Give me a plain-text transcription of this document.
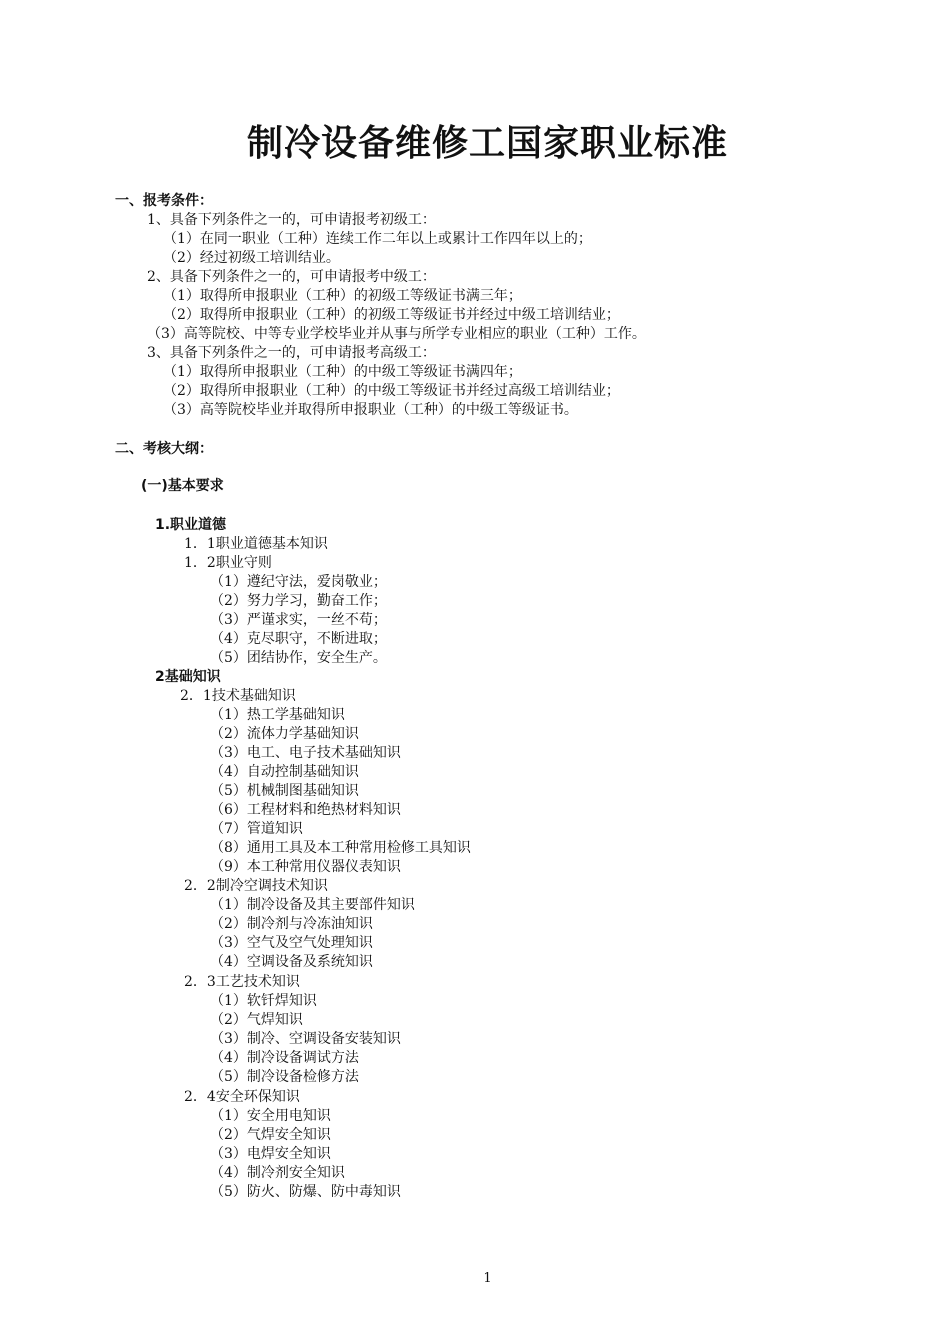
制冷设备维修工国家职业标准
一、报考条件：
1、具备下列条件之一的，可申请报考初级工：
（1）在同一职业（工种）连续工作二年以上或累计工作四年以上的；
（2）经过初级工培训结业。
2、具备下列条件之一的，可申请报考中级工：
（1）取得所申报职业（工种）的初级工等级证书满三年；
（2）取得所申报职业（工种）的初级工等级证书并经过中级工培训结业；
（3）高等院校、中等专业学校毕业并从事与所学专业相应的职业（工种）工作。
3、具备下列条件之一的，可申请报考高级工：
（1）取得所申报职业（工种）的中级工等级证书满四年；
（2）取得所申报职业（工种）的中级工等级证书并经过高级工培训结业；
（3）高等院校毕业并取得所申报职业（工种）的中级工等级证书。
二、考核大纲：
(一)基本要求
1.职业道德
1．1职业道德基本知识
1．2职业守则
（1）遵纪守法，爱岗敬业；
（2）努力学习，勤奋工作；
（3）严谨求实，一丝不苟；
（4）克尽职守，不断进取；
（5）团结协作，安全生产。
2基础知识
2．1技术基础知识
（1）热工学基础知识
（2）流体力学基础知识
（3）电工、电子技术基础知识
（4）自动控制基础知识
（5）机械制图基础知识
（6）工程材料和绝热材料知识
（7）管道知识
（8）通用工具及本工种常用检修工具知识
（9）本工种常用仪器仪表知识
2．2制冷空调技术知识
（1）制冷设备及其主要部件知识
（2）制冷剂与冷冻油知识
（3）空气及空气处理知识
（4）空调设备及系统知识
2．3工艺技术知识
（1）软钎焊知识
（2）气焊知识
（3）制冷、空调设备安装知识
（4）制冷设备调试方法
（5）制冷设备检修方法
2．4安全环保知识
（1）安全用电知识
（2）气焊安全知识
（3）电焊安全知识
（4）制冷剂安全知识
（5）防火、防爆、防中毒知识
1
